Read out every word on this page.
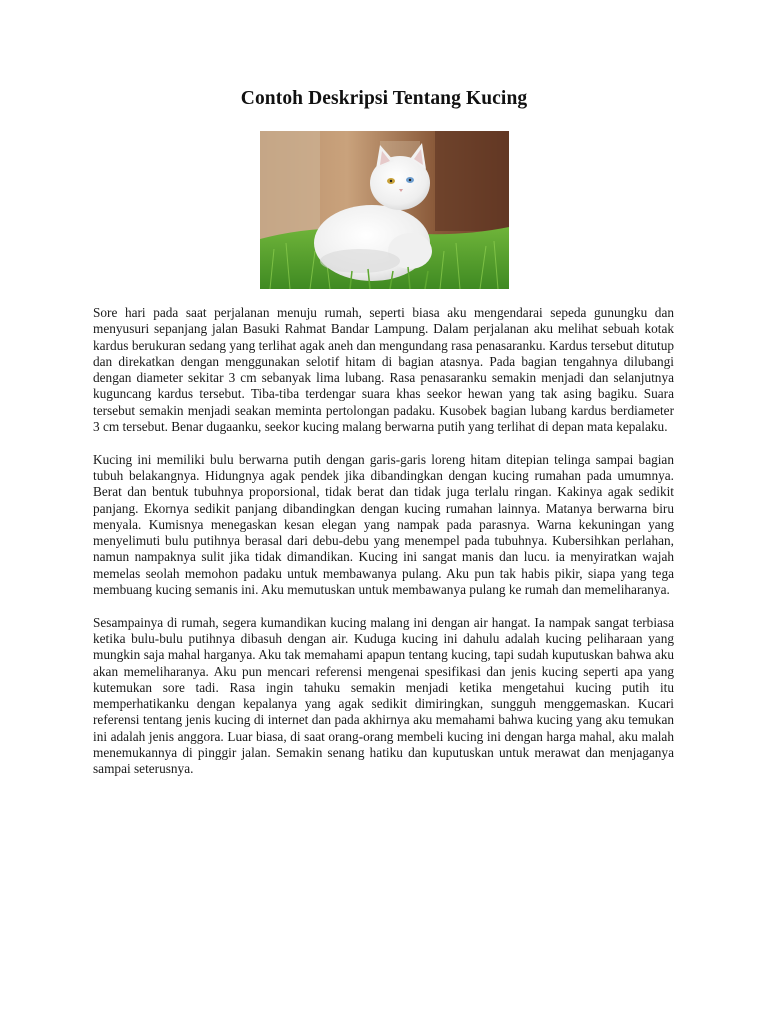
Contoh Deskripsi Tentang Kucing

Sore hari pada saat perjalanan menuju rumah, seperti biasa aku mengendarai sepeda gunungku dan menyusuri sepanjang jalan Basuki Rahmat Bandar Lampung. Dalam perjalanan aku melihat sebuah kotak kardus berukuran sedang yang terlihat agak aneh dan mengundang rasa penasaranku. Kardus tersebut ditutup dan direkatkan dengan menggunakan selotif hitam di bagian atasnya. Pada bagian tengahnya dilubangi dengan diameter sekitar 3 cm sebanyak lima lubang. Rasa penasaranku semakin menjadi dan selanjutnya kuguncang kardus tersebut. Tiba-tiba terdengar suara khas seekor hewan yang tak asing bagiku. Suara tersebut semakin menjadi seakan meminta pertolongan padaku. Kusobek bagian lubang kardus berdiameter 3 cm tersebut. Benar dugaanku, seekor kucing malang berwarna putih yang terlihat di depan mata kepalaku.

Kucing ini memiliki bulu berwarna putih dengan garis-garis loreng hitam ditepian telinga sampai bagian tubuh belakangnya. Hidungnya agak pendek jika dibandingkan dengan kucing rumahan pada umumnya. Berat dan bentuk tubuhnya proporsional, tidak berat dan tidak juga terlalu ringan. Kakinya agak sedikit panjang. Ekornya sedikit panjang dibandingkan dengan kucing rumahan lainnya. Matanya berwarna biru menyala. Kumisnya menegaskan kesan elegan yang nampak pada parasnya. Warna kekuningan yang menyelimuti bulu putihnya berasal dari debu-debu yang menempel pada tubuhnya. Kubersihkan perlahan, namun nampaknya sulit jika tidak dimandikan. Kucing ini sangat manis dan lucu. ia menyiratkan wajah memelas seolah memohon padaku untuk membawanya pulang. Aku pun tak habis pikir, siapa yang tega membuang kucing semanis ini. Aku memutuskan untuk membawanya pulang ke rumah dan memeliharanya.

Sesampainya di rumah, segera kumandikan kucing malang ini dengan air hangat. Ia nampak sangat terbiasa ketika bulu-bulu putihnya dibasuh dengan air. Kuduga kucing ini dahulu adalah kucing peliharaan yang mungkin saja mahal harganya. Aku tak memahami apapun tentang kucing, tapi sudah kuputuskan bahwa aku akan memeliharanya. Aku pun mencari referensi mengenai spesifikasi dan jenis kucing seperti apa yang kutemukan sore tadi. Rasa ingin tahuku semakin menjadi ketika mengetahui kucing putih itu memperhatikanku dengan kepalanya yang agak sedikit dimiringkan, sungguh menggemaskan. Kucari referensi tentang jenis kucing di internet dan pada akhirnya aku memahami bahwa kucing yang aku temukan ini adalah jenis anggora. Luar biasa, di saat orang-orang membeli kucing ini dengan harga mahal, aku malah menemukannya di pinggir jalan. Semakin senang hatiku dan kuputuskan untuk merawat dan menjaganya sampai seterusnya.
